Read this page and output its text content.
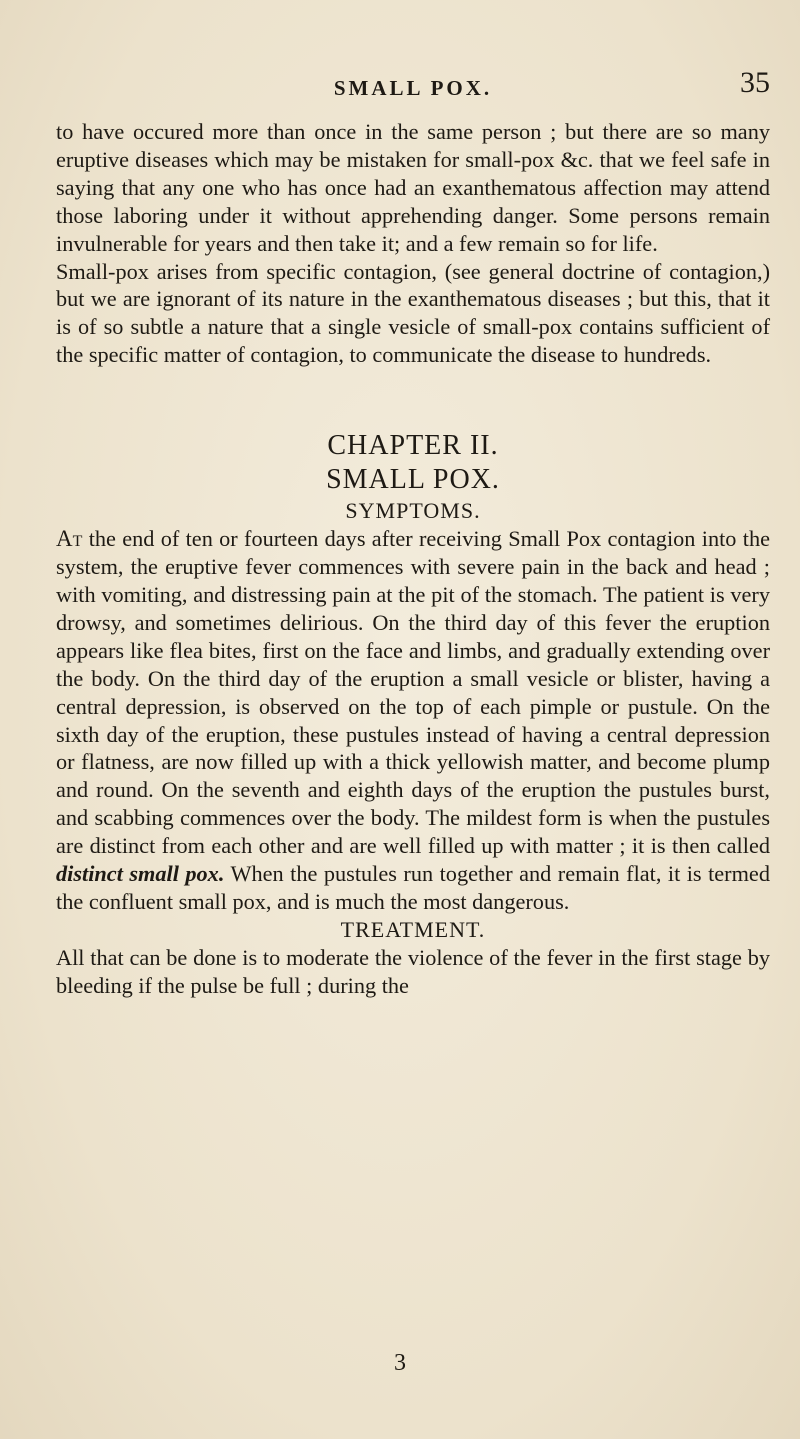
SMALL POX.	35

to have occured more than once in the same person ; but there are so many eruptive diseases which may be mistaken for small-pox &c. that we feel safe in saying that any one who has once had an exanthematous affection may attend those laboring under it without apprehending danger. Some persons remain invulnerable for years and then take it; and a few remain so for life.

Small-pox arises from specific contagion, (see general doctrine of contagion,) but we are ignorant of its nature in the exanthematous diseases ; but this, that it is of so subtle a nature that a single vesicle of small-pox contains sufficient of the specific matter of contagion, to communicate the disease to hundreds.

CHAPTER II.

SMALL POX.

SYMPTOMS.

At the end of ten or fourteen days after receiving Small Pox contagion into the system, the eruptive fever commences with severe pain in the back and head ; with vomiting, and distressing pain at the pit of the stomach. The patient is very drowsy, and sometimes delirious. On the third day of this fever the eruption appears like flea bites, first on the face and limbs, and gradually extending over the body. On the third day of the eruption a small vesicle or blister, having a central depression, is observed on the top of each pimple or pustule. On the sixth day of the eruption, these pustules instead of having a central depression or flatness, are now filled up with a thick yellowish matter, and become plump and round. On the seventh and eighth days of the eruption the pustules burst, and scabbing commences over the body. The mildest form is when the pustules are distinct from each other and are well filled up with matter ; it is then called distinct small pox. When the pustules run together and remain flat, it is termed the confluent small pox, and is much the most dangerous.

TREATMENT.

All that can be done is to moderate the violence of the fever in the first stage by bleeding if the pulse be full ; during the

3
